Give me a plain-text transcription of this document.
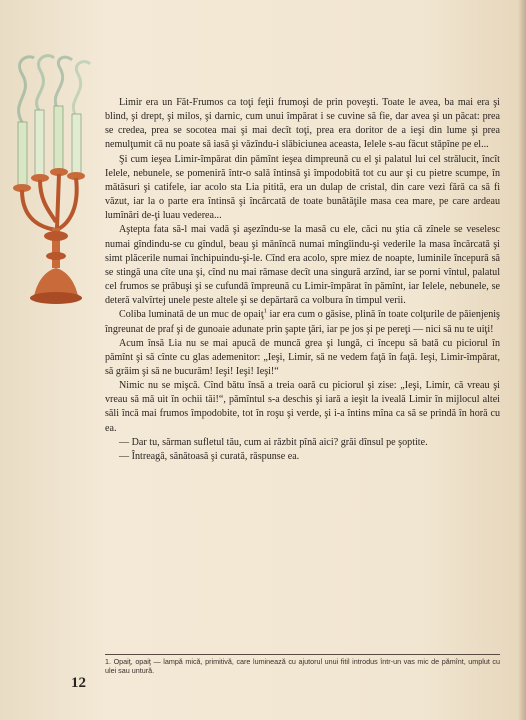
Limir era un Făt-Frumos ca toţi feţii frumoşi de prin poveşti. Toate le avea, ba mai era şi blind, şi drept, şi milos, şi darnic, cum unui împărat i se cuvine să fie, dar avea şi un păcat: prea se credea, prea se socotea mai şi mai decît toţi, prea era doritor de a ieşi din lume şi prea nemulţumit că nu poate să iasă şi văzîndu-i slăbiciunea aceasta, Ielele s-au făcut stăpîne pe el...

Şi cum ieşea Limir-împărat din pămînt ieşea dimpreună cu el şi palatul lui cel strălucit, încît Ielele, nebunele, se pomeniră într-o sală întinsă şi împodobită tot cu aur şi cu pietre scumpe, în mătăsuri şi catifele, iar acolo sta Lia pitită, era un dulap de cristal, din care vezi fără ca să fi văzut, iar la o parte era întinsă şi încărcată de toate bunătăţile masa cea mare, pe care ardeau lumînări de-ţi luau vederea...

Aştepta fata să-l mai vadă şi aşezîndu-se la masă cu ele, căci nu ştia că zînele se veselesc numai gîndindu-se cu gîndul, beau şi mănîncă numai mîngîindu-şi vederile la masa încărcată şi simt plăcerile numai închipuindu-şi-le. Cînd era acolo, spre miez de noapte, luminile începură să se stingă una cîte una şi, cînd nu mai rămase decît una singură arzînd, iar se porni vîntul, palatul cel frumos se prăbuşi şi se cufundă împreună cu Limir-împărat în pămînt, iar Ielele, nebunele, se deteră valvîrtej unele peste altele şi se depărtară ca volbura în timpul verii.

Coliba luminată de un muc de opaiţ$^1$ iar era cum o găsise, plină în toate colţurile de păienjeniş îngreunat de praf şi de gunoaie adunate prin şapte ţări, iar pe jos şi pe pereţi — nici să nu te uiţi!

Acum însă Lia nu se mai apucă de muncă grea şi lungă, ci începu să bată cu piciorul în pămînt şi să cînte cu glas ademenitor: „Ieşi, Limir, să ne vedem faţă în faţă. Ieşi, Limir-împărat, să grăim şi să ne bucurăm! Ieşi! Ieşi! Ieşi!“

Nimic nu se mişcă. Cînd bătu însă a treia oară cu piciorul şi zise: „Ieşi, Limir, că vreau şi vreau să mă uit în ochii tăi!“, pămîntul s-a deschis şi iară a ieşit la iveală Limir în mijlocul altei săli încă mai frumos împodobite, tot în roşu şi verde, şi i-a întins mîna ca să se prindă în horă cu ea.

— Dar tu, sărman sufletul tău, cum ai răzbit pînă aici? grăi dînsul pe şoptite.

— Întreagă, sănătoasă şi curată, răspunse ea.

1. Opaiţ, opaiţ — lampă mică, primitivă, care luminează cu ajutorul unui fitil introdus într-un vas mic de pămînt, umplut cu ulei sau untură.
12
